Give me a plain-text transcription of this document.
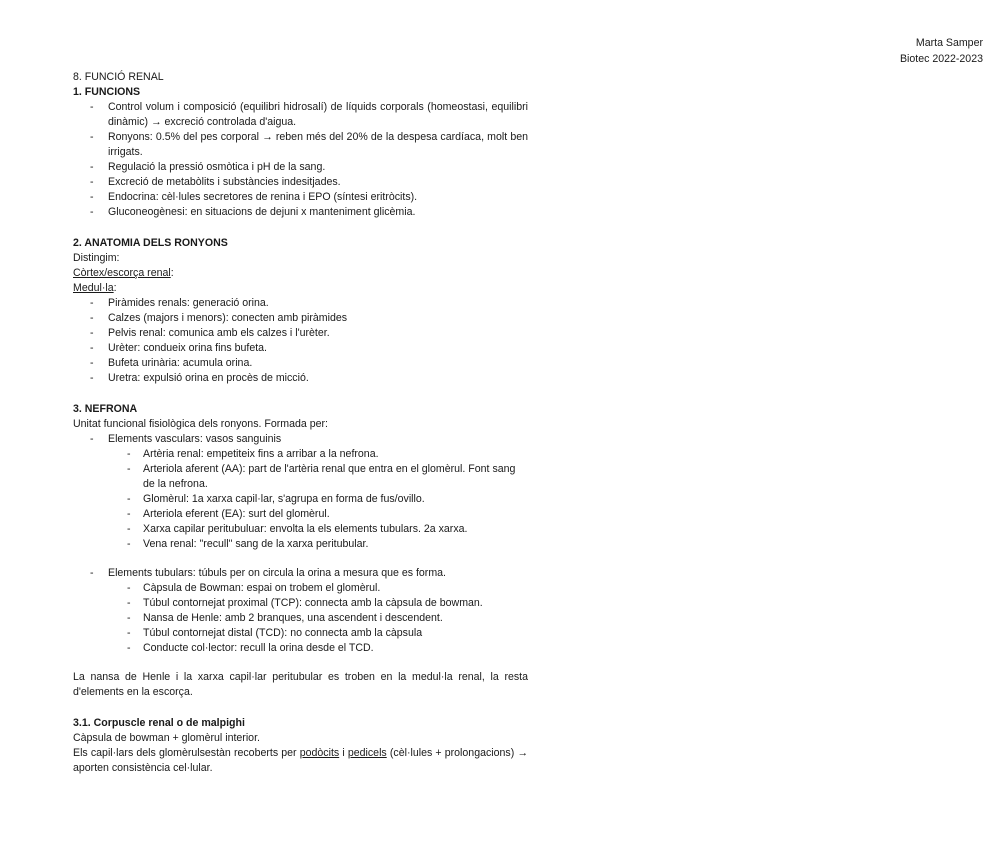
Marta Samper

Biotec 2022-2023

8. FUNCIÓ RENAL

1. FUNCIONS

- Control volum i composició (equilibri hidrosalí) de líquids corporals (homeostasi, equilibri dinàmic) → excreció controlada d'aigua.
- Ronyons: 0.5% del pes corporal → reben més del 20% de la despesa cardíaca, molt ben irrigats.
- Regulació la pressió osmòtica i pH de la sang.
- Excreció de metabòlits i substàncies indesitjades.
- Endocrina: cèl·lules secretores de renina i EPO (síntesi eritròcits).
- Gluconeogènesi: en situacions de dejuni x manteniment glicèmia.

2. ANATOMIA DELS RONYONS

Distingim:

Còrtex/escorça renal:

Medul·la:

- Piràmides renals: generació orina.
- Calzes (majors i menors): conecten amb piràmides
- Pelvis renal: comunica amb els calzes i l'urèter.
- Urèter: condueix orina fins bufeta.
- Bufeta urinària: acumula orina.
- Uretra: expulsió orina en procès de micció.

3. NEFRONA

Unitat funcional fisiològica dels ronyons. Formada per:

- Elements vasculars: vasos sanguinis
- Artèria renal: empetiteix fins a arribar a la nefrona.
- Arteriola aferent (AA): part de l'artèria renal que entra en el glomèrul. Font sang de la nefrona.
- Glomèrul: 1a xarxa capil·lar, s'agrupa en forma de fus/ovillo.
- Arteriola eferent (EA): surt del glomèrul.
- Xarxa capilar peritubuluar: envolta la els elements tubulars. 2a xarxa.
- Vena renal: "recull" sang de la xarxa peritubular.
- Elements tubulars: túbuls per on circula la orina a mesura que es forma.
- Càpsula de Bowman: espai on trobem el glomèrul.
- Túbul contornejat proximal (TCP): connecta amb la càpsula de bowman.
- Nansa de Henle: amb 2 branques, una ascendent i descendent.
- Túbul contornejat distal (TCD): no connecta amb la càpsula
- Conducte col·lector: recull la orina desde el TCD.

La nansa de Henle i la xarxa capil·lar peritubular es troben en la medul·la renal, la resta d'elements en la escorça.

3.1. Corpuscle renal o de malpighi

Càpsula de bowman + glomèrul interior.

Els capil·lars dels glomèrulsestàn recoberts per podòcits i pedicels (cèl·lules + prolongacions) → aporten consistència cel·lular.
